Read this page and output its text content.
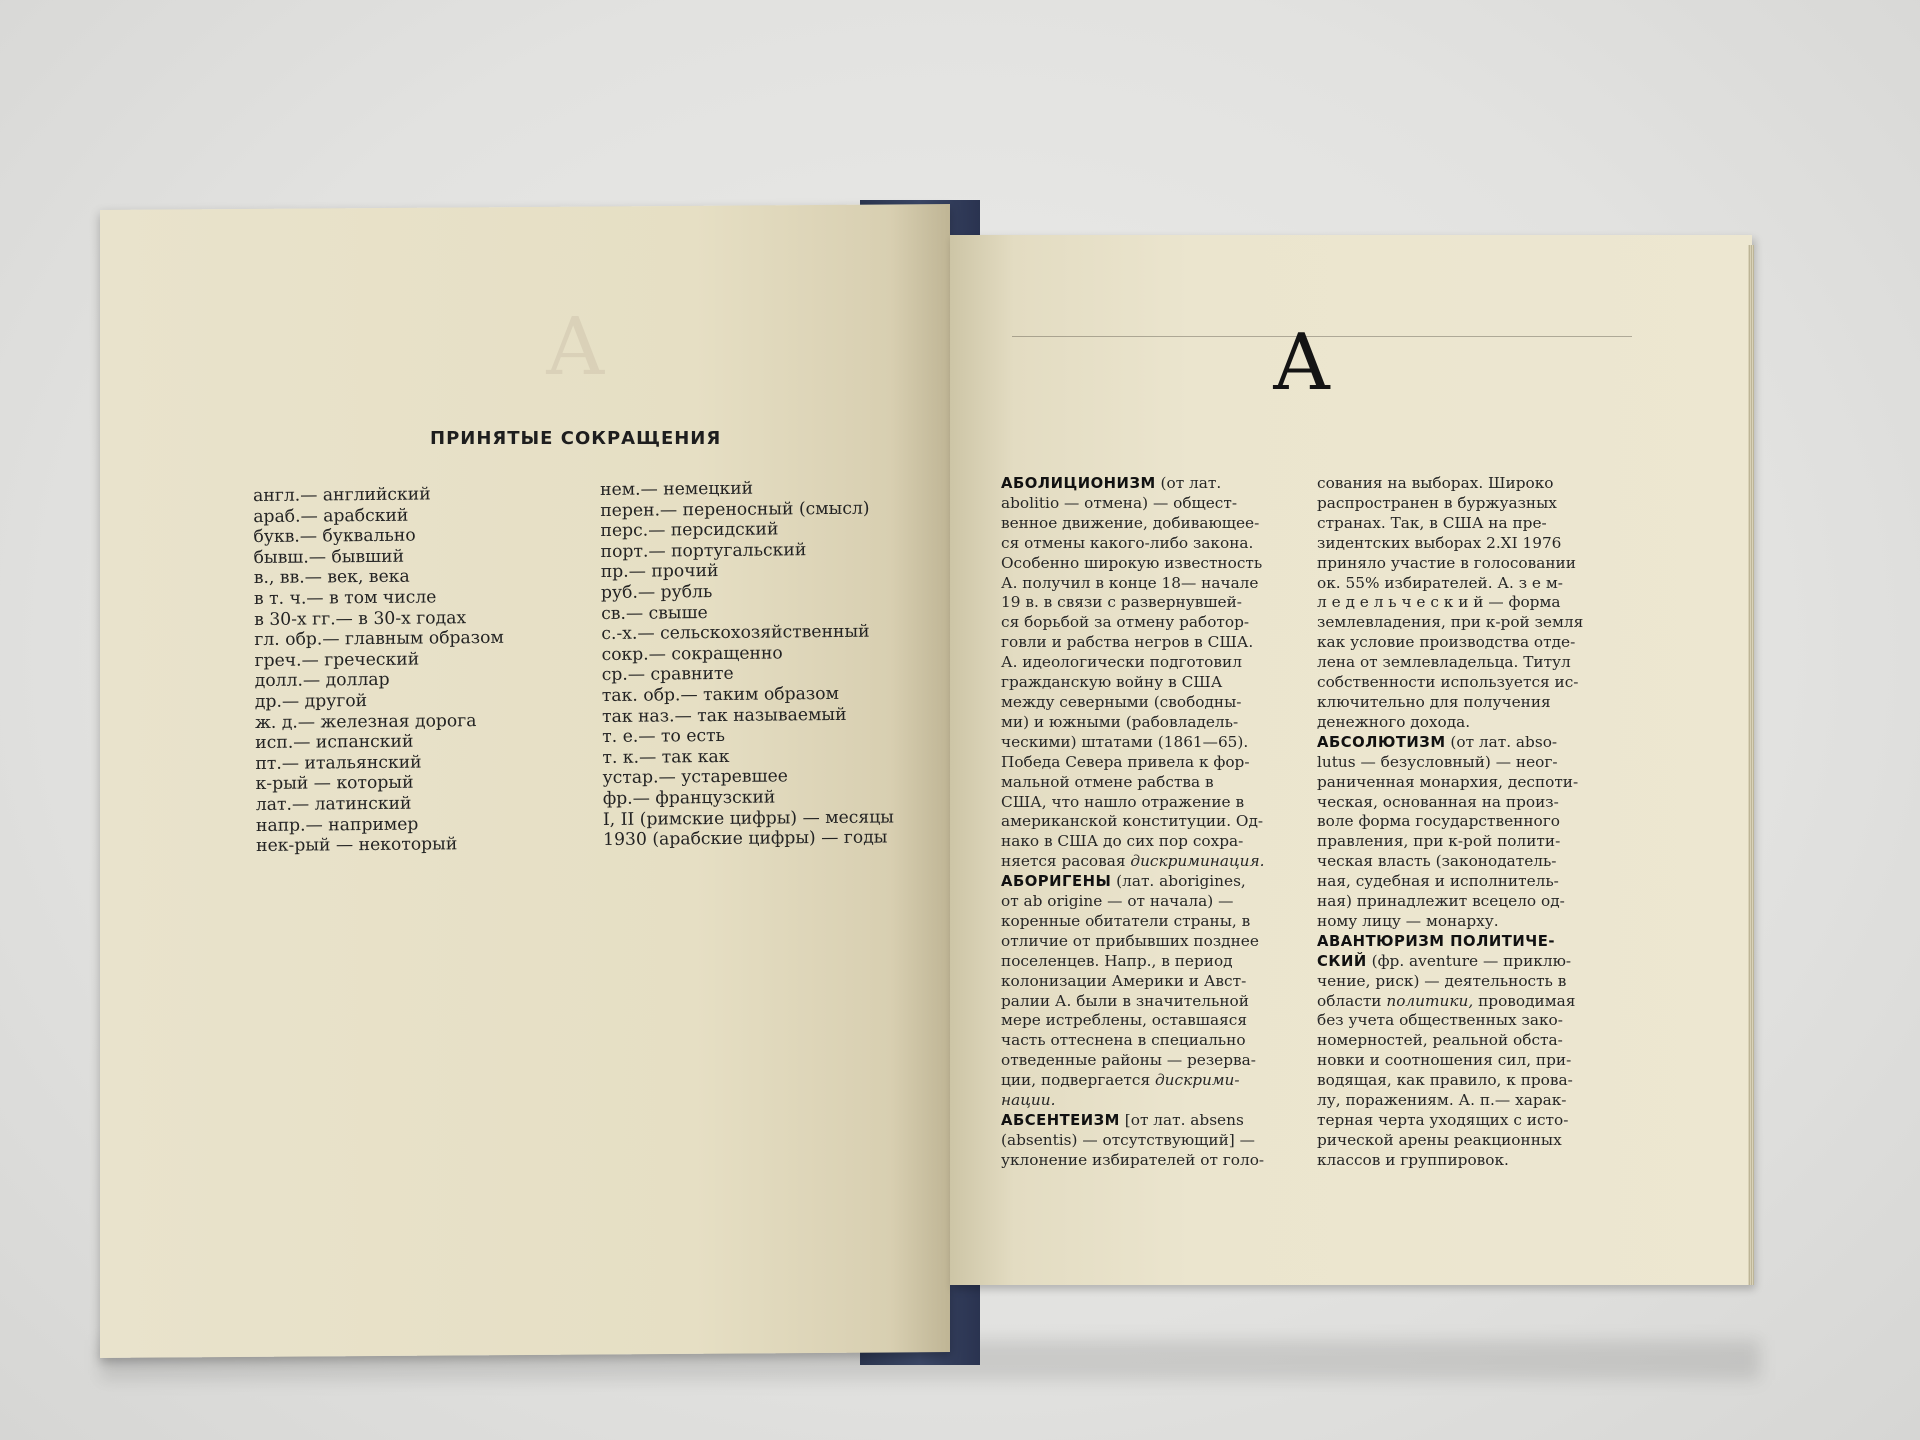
А
ПРИНЯТЫЕ СОКРАЩЕНИЯ
англ.— английский
араб.— арабский
букв.— буквально
бывш.— бывший
в., вв.— век, века
в т. ч.— в том числе
в 30-х гг.— в 30-х годах
гл. обр.— главным образом
греч.— греческий
долл.— доллар
др.— другой
ж. д.— железная дорога
исп.— испанский
пт.— итальянский
к-рый — который
лат.— латинский
напр.— например
нек-рый — некоторый
нем.— немецкий
перен.— переносный (смысл)
перс.— персидский
порт.— португальский
пр.— прочий
руб.— рубль
св.— свыше
с.-х.— сельскохозяйственный
сокр.— сокращенно
ср.— сравните
так. обр.— таким образом
так наз.— так называемый
т. е.— то есть
т. к.— так как
устар.— устаревшее
фр.— французский
I, II (римские цифры) — месяцы
1930 (арабские цифры) — годы
А
АБОЛИЦИОНИЗМ (от лат.
abolitio — отмена) — общест-
венное движение, добивающее-
ся отмены какого-либо закона.
Особенно широкую известность
А. получил в конце 18— начале
19 в. в связи с развернувшей-
ся борьбой за отмену работор-
говли и рабства негров в США.
А. идеологически подготовил
гражданскую войну в США
между северными (свободны-
ми) и южными (рабовладель-
ческими) штатами (1861—65).
Победа Севера привела к фор-
мальной отмене рабства в
США, что нашло отражение в
американской конституции. Од-
нако в США до сих пор сохра-
няется расовая дискриминация.
АБОРИГЕНЫ (лат. aborigines,
от ab origine — от начала) —
коренные обитатели страны, в
отличие от прибывших позднее
поселенцев. Напр., в период
колонизации Америки и Авст-
ралии А. были в значительной
мере истреблены, оставшаяся
часть оттеснена в специально
отведенные районы — резерва-
ции, подвергается дискрими-
нации.
АБСЕНТЕИЗМ [от лат. absens
(absentis) — отсутствующий] —
уклонение избирателей от голо-
сования на выборах. Широко
распространен в буржуазных
странах. Так, в США на пре-
зидентских выборах 2.XI 1976
приняло участие в голосовании
ок. 55% избирателей. А. з е м-
л е д е л ь ч е с к и й — форма
землевладения, при к-рой земля
как условие производства отде-
лена от землевладельца. Титул
собственности используется ис-
ключительно для получения
денежного дохода.
АБСОЛЮТИЗМ (от лат. abso-
lutus — безусловный) — неог-
раниченная монархия, деспоти-
ческая, основанная на произ-
воле форма государственного
правления, при к-рой полити-
ческая власть (законодатель-
ная, судебная и исполнитель-
ная) принадлежит всецело од-
ному лицу — монарху.
АВАНТЮРИЗМ ПОЛИТИЧЕ-
СКИЙ (фр. aventure — приклю-
чение, риск) — деятельность в
области политики, проводимая
без учета общественных зако-
номерностей, реальной обста-
новки и соотношения сил, при-
водящая, как правило, к провa-
лу, поражениям. А. п.— харак-
терная черта уходящих с исто-
рической арены реакционных
классов и группировок.
